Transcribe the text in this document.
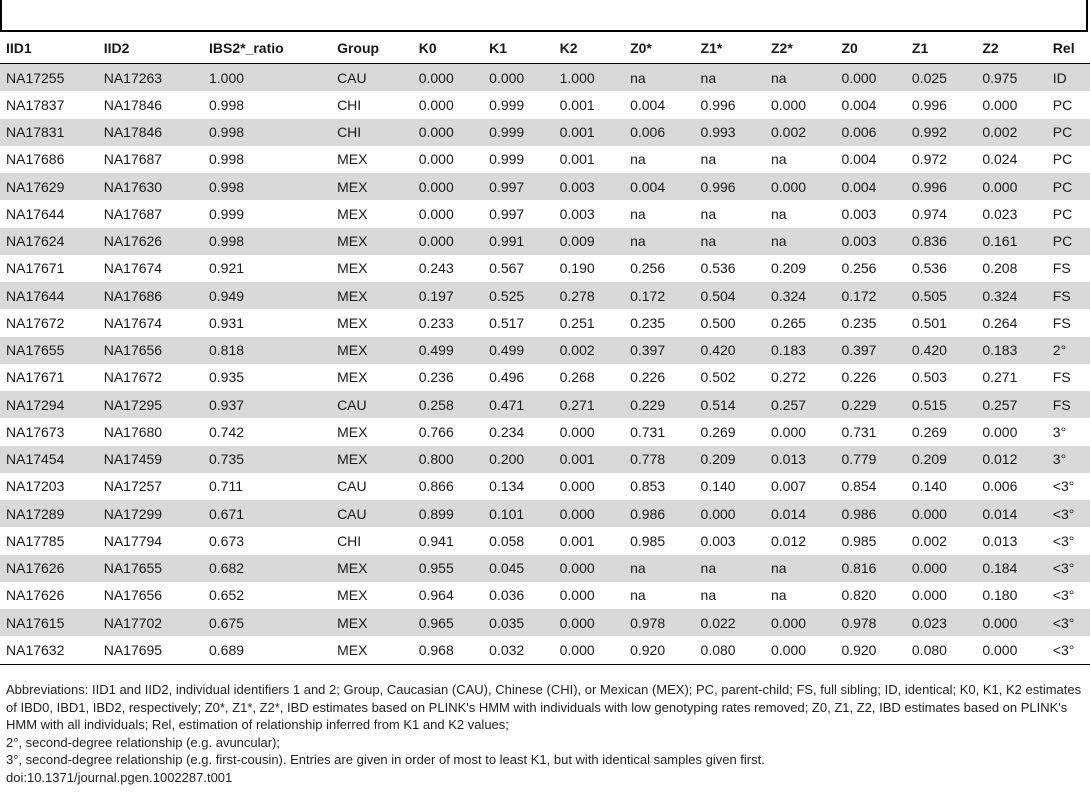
IID1	IID2	IBS2*_ratio	Group	K0	K1	K2	Z0*	Z1*	Z2*	Z0	Z1	Z2	Rel
NA17255	NA17263	1.000	CAU	0.000	0.000	1.000	na	na	na	0.000	0.025	0.975	ID
NA17837	NA17846	0.998	CHI	0.000	0.999	0.001	0.004	0.996	0.000	0.004	0.996	0.000	PC
NA17831	NA17846	0.998	CHI	0.000	0.999	0.001	0.006	0.993	0.002	0.006	0.992	0.002	PC
NA17686	NA17687	0.998	MEX	0.000	0.999	0.001	na	na	na	0.004	0.972	0.024	PC
NA17629	NA17630	0.998	MEX	0.000	0.997	0.003	0.004	0.996	0.000	0.004	0.996	0.000	PC
NA17644	NA17687	0.999	MEX	0.000	0.997	0.003	na	na	na	0.003	0.974	0.023	PC
NA17624	NA17626	0.998	MEX	0.000	0.991	0.009	na	na	na	0.003	0.836	0.161	PC
NA17671	NA17674	0.921	MEX	0.243	0.567	0.190	0.256	0.536	0.209	0.256	0.536	0.208	FS
NA17644	NA17686	0.949	MEX	0.197	0.525	0.278	0.172	0.504	0.324	0.172	0.505	0.324	FS
NA17672	NA17674	0.931	MEX	0.233	0.517	0.251	0.235	0.500	0.265	0.235	0.501	0.264	FS
NA17655	NA17656	0.818	MEX	0.499	0.499	0.002	0.397	0.420	0.183	0.397	0.420	0.183	2°
NA17671	NA17672	0.935	MEX	0.236	0.496	0.268	0.226	0.502	0.272	0.226	0.503	0.271	FS
NA17294	NA17295	0.937	CAU	0.258	0.471	0.271	0.229	0.514	0.257	0.229	0.515	0.257	FS
NA17673	NA17680	0.742	MEX	0.766	0.234	0.000	0.731	0.269	0.000	0.731	0.269	0.000	3°
NA17454	NA17459	0.735	MEX	0.800	0.200	0.001	0.778	0.209	0.013	0.779	0.209	0.012	3°
NA17203	NA17257	0.711	CAU	0.866	0.134	0.000	0.853	0.140	0.007	0.854	0.140	0.006	<3°
NA17289	NA17299	0.671	CAU	0.899	0.101	0.000	0.986	0.000	0.014	0.986	0.000	0.014	<3°
NA17785	NA17794	0.673	CHI	0.941	0.058	0.001	0.985	0.003	0.012	0.985	0.002	0.013	<3°
NA17626	NA17655	0.682	MEX	0.955	0.045	0.000	na	na	na	0.816	0.000	0.184	<3°
NA17626	NA17656	0.652	MEX	0.964	0.036	0.000	na	na	na	0.820	0.000	0.180	<3°
NA17615	NA17702	0.675	MEX	0.965	0.035	0.000	0.978	0.022	0.000	0.978	0.023	0.000	<3°
NA17632	NA17695	0.689	MEX	0.968	0.032	0.000	0.920	0.080	0.000	0.920	0.080	0.000	<3°

Abbreviations: IID1 and IID2, individual identifiers 1 and 2; Group, Caucasian (CAU), Chinese (CHI), or Mexican (MEX); PC, parent-child; FS, full sibling; ID, identical; K0, K1, K2 estimates of IBD0, IBD1, IBD2, respectively; Z0*, Z1*, Z2*, IBD estimates based on PLINK's HMM with individuals with low genotyping rates removed; Z0, Z1, Z2, IBD estimates based on PLINK's HMM with all individuals; Rel, estimation of relationship inferred from K1 and K2 values;

2°, second-degree relationship (e.g. avuncular);

3°, second-degree relationship (e.g. first-cousin). Entries are given in order of most to least K1, but with identical samples given first.

doi:10.1371/journal.pgen.1002287.t001
